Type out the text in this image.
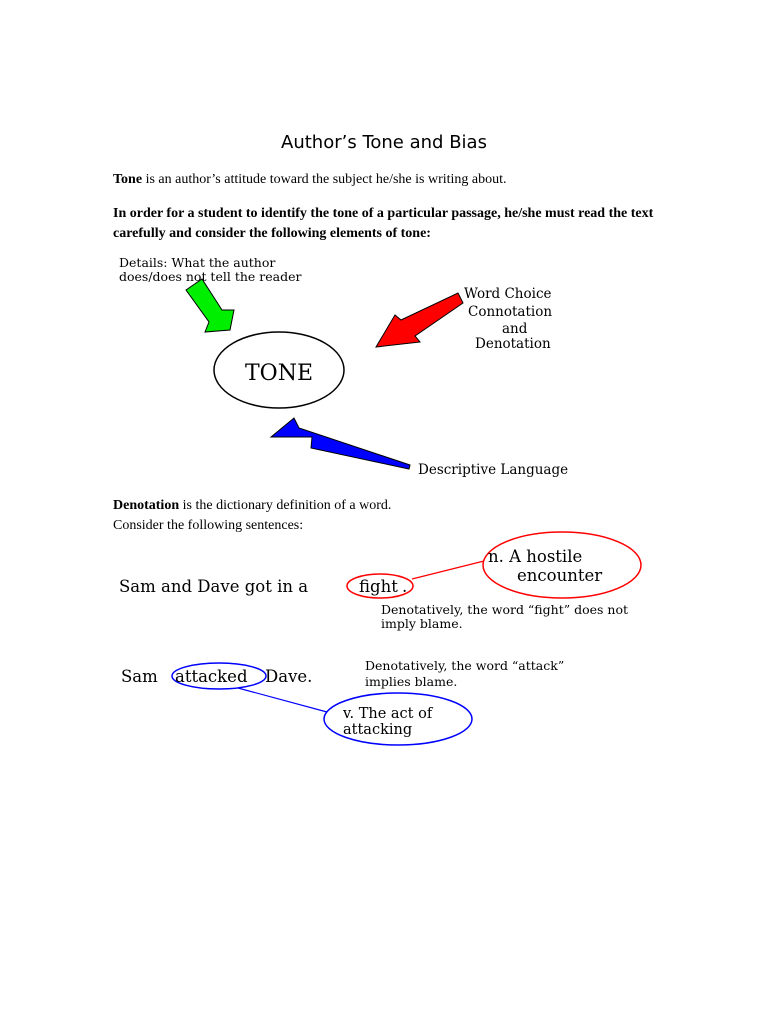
Author’s Tone and Bias
Tone is an author’s attitude toward the subject he/she is writing about.
In order for a student to identify the tone of a particular passage, he/she must read the text carefully and consider the following elements of tone:
Details: What the author
does/does not tell the reader
Word Choice
Connotation
and
Denotation
TONE
Descriptive Language
Sam and Dave got in a	fight .
n. A hostile
encounter
Denotatively, the word “fight” does not
imply blame.
Sam attacked Dave.
v. The act of
attacking
Denotatively, the word “attack”
implies blame.
Denotation is the dictionary definition of a word.
Consider the following sentences:
